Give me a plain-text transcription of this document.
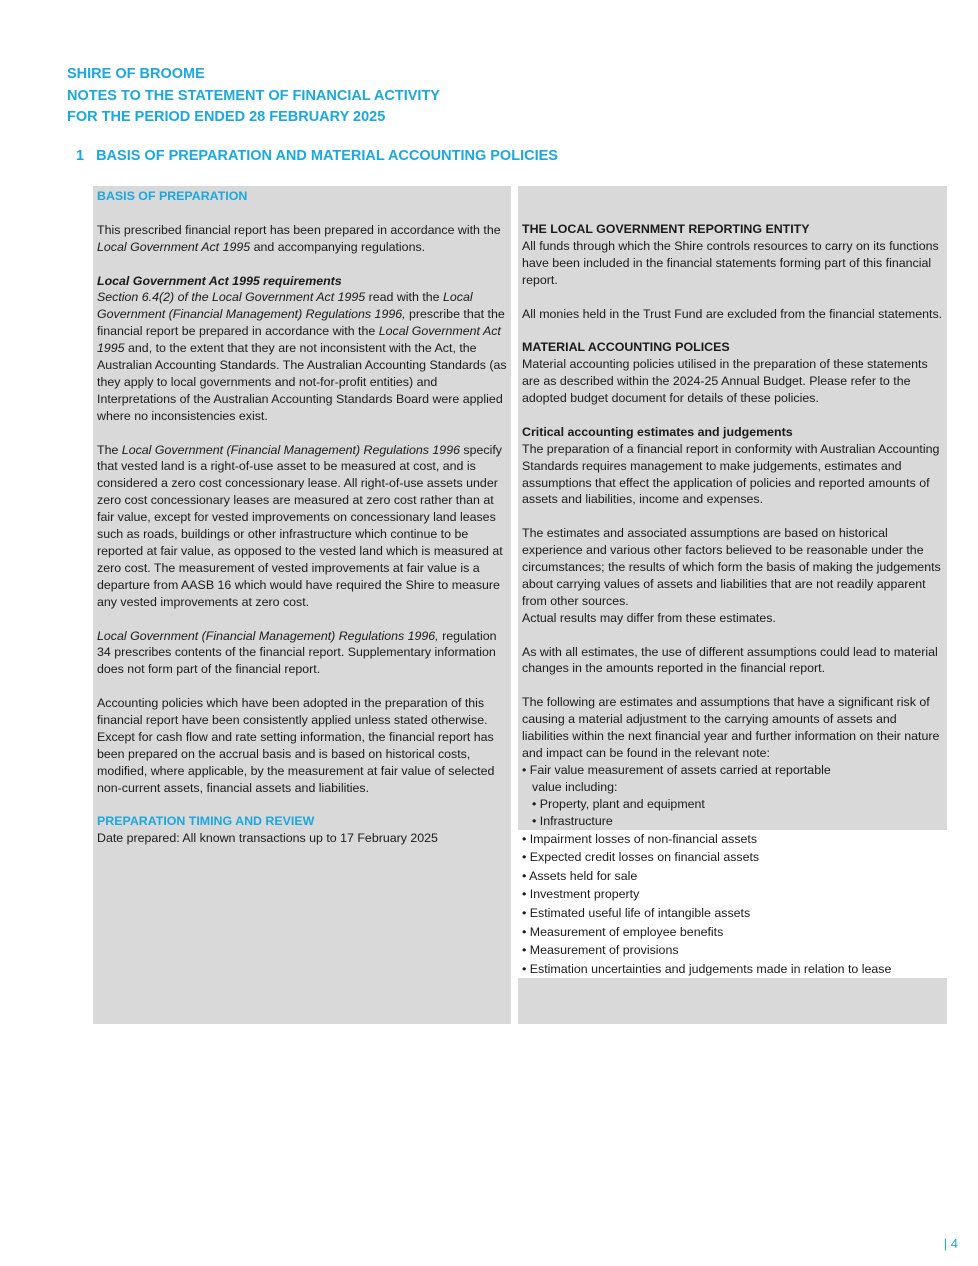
SHIRE OF BROOME
NOTES TO THE STATEMENT OF FINANCIAL ACTIVITY
FOR THE PERIOD ENDED 28 FEBRUARY 2025
1 BASIS OF PREPARATION AND MATERIAL ACCOUNTING POLICIES
BASIS OF PREPARATION

This prescribed financial report has been prepared in accordance with the Local Government Act 1995 and accompanying regulations.

Local Government Act 1995 requirements

Section 6.4(2) of the Local Government Act 1995 read with the Local Government (Financial Management) Regulations 1996, prescribe that the financial report be prepared in accordance with the Local Government Act 1995 and, to the extent that they are not inconsistent with the Act, the Australian Accounting Standards. The Australian Accounting Standards (as they apply to local governments and not-for-profit entities) and Interpretations of the Australian Accounting Standards Board were applied where no inconsistencies exist.

The Local Government (Financial Management) Regulations 1996 specify that vested land is a right-of-use asset to be measured at cost, and is considered a zero cost concessionary lease. All right-of-use assets under zero cost concessionary leases are measured at zero cost rather than at fair value, except for vested improvements on concessionary land leases such as roads, buildings or other infrastructure which continue to be reported at fair value, as opposed to the vested land which is measured at zero cost. The measurement of vested improvements at fair value is a departure from AASB 16 which would have required the Shire to measure any vested improvements at zero cost.

Local Government (Financial Management) Regulations 1996, regulation 34 prescribes contents of the financial report. Supplementary information does not form part of the financial report.

Accounting policies which have been adopted in the preparation of this financial report have been consistently applied unless stated otherwise. Except for cash flow and rate setting information, the financial report has been prepared on the accrual basis and is based on historical costs, modified, where applicable, by the measurement at fair value of selected non-current assets, financial assets and liabilities.

PREPARATION TIMING AND REVIEW
Date prepared: All known transactions up to 17 February 2025
THE LOCAL GOVERNMENT REPORTING ENTITY

All funds through which the Shire controls resources to carry on its functions have been included in the financial statements forming part of this financial report.

All monies held in the Trust Fund are excluded from the financial statements.

MATERIAL ACCOUNTING POLICES

Material accounting policies utilised in the preparation of these statements are as described within the 2024-25 Annual Budget. Please refer to the adopted budget document for details of these policies.

Critical accounting estimates and judgements

The preparation of a financial report in conformity with Australian Accounting Standards requires management to make judgements, estimates and assumptions that effect the application of policies and reported amounts of assets and liabilities, income and expenses.

The estimates and associated assumptions are based on historical experience and various other factors believed to be reasonable under the circumstances; the results of which form the basis of making the judgements about carrying values of assets and liabilities that are not readily apparent from other sources.
Actual results may differ from these estimates.

As with all estimates, the use of different assumptions could lead to material changes in the amounts reported in the financial report.

The following are estimates and assumptions that have a significant risk of causing a material adjustment to the carrying amounts of assets and liabilities within the next financial year and further information on their nature and impact can be found in the relevant note:

• Fair value measurement of assets carried at reportable
value including:
• Property, plant and equipment
• Infrastructure
• Impairment losses of non-financial assets
• Expected credit losses on financial assets
• Assets held for sale
• Investment property
• Estimated useful life of intangible assets
• Measurement of employee benefits
• Measurement of provisions
• Estimation uncertainties and judgements made in relation to lease
| 4
